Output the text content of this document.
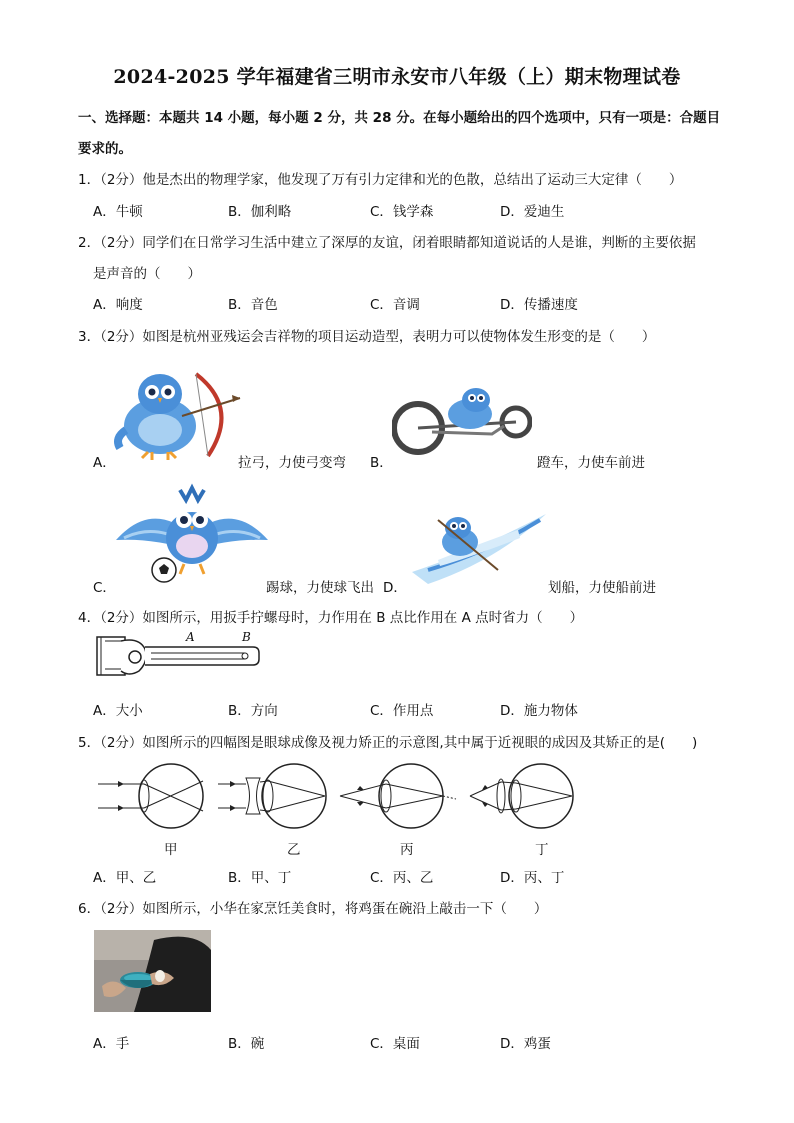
2024-2025 学年福建省三明市永安市八年级（上）期末物理试卷
一、选择题：本题共 14 小题，每小题 2 分，共 28 分。在每小题给出的四个选项中，只有一项是：合题目
要求的。
1．（2分）他是杰出的物理学家，他发现了万有引力定律和光的色散，总结出了运动三大定律（　　）
A．牛顿	B．伽利略	C．钱学森	D．爱迪生
2．（2分）同学们在日常学习生活中建立了深厚的友谊，闭着眼睛都知道说话的人是谁，判断的主要依据
是声音的（　　）
A．响度	B．音色	C．音调	D．传播速度
3．（2分）如图是杭州亚残运会吉祥物的项目运动造型，表明力可以使物体发生形变的是（　　）
A．	拉弓，力使弓变弯 B．	蹬车，力使车前进
C．	踢球，力使球飞出 D．	划船，力使船前进
4．（2分）如图所示，用扳手拧螺母时，力作用在 B 点比作用在 A 点时省力（　　）
A	B
A．大小	B．方向	C．作用点	D．施力物体
5．（2分）如图所示的四幅图是眼球成像及视力矫正的示意图,其中属于近视眼的成因及其矫正的是(　　)
甲	乙	丙	丁
A．甲、乙	B．甲、丁	C．丙、乙	D．丙、丁
6．（2分）如图所示，小华在家烹饪美食时，将鸡蛋在碗沿上敲击一下（　　）
A．手	B．碗	C．桌面	D．鸡蛋
